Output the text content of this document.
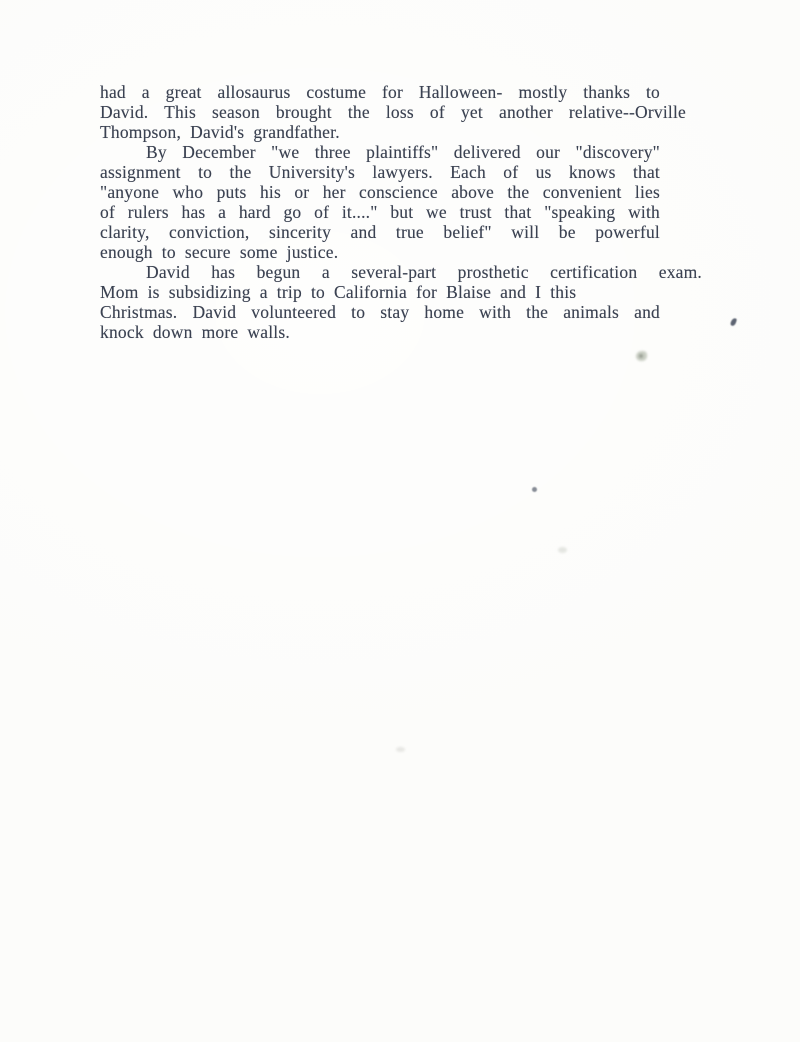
had a great allosaurus costume for Halloween- mostly thanks to
David. This season brought the loss of yet another relative--Orville
Thompson, David's grandfather.
By December "we three plaintiffs" delivered our "discovery"
assignment to the University's lawyers. Each of us knows that
"anyone who puts his or her conscience above the convenient lies
of rulers has a hard go of it...." but we trust that "speaking with
clarity, conviction, sincerity and true belief" will be powerful
enough to secure some justice.
David has begun a several-part prosthetic certification exam.
Mom is subsidizing a trip to California for Blaise and I this
Christmas. David volunteered to stay home with the animals and
knock down more walls.
